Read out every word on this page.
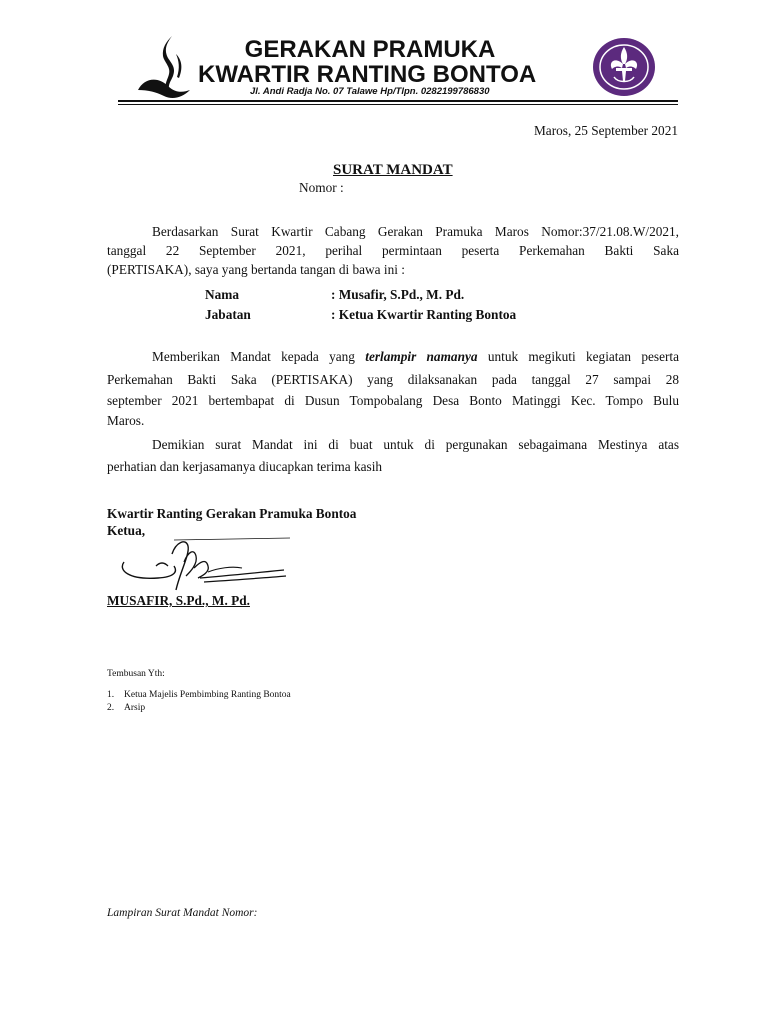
GERAKAN PRAMUKA
KWARTIR RANTING BONTOA
Jl. Andi Radja No. 07 Talawe Hp/Tlpn. 0282199786830
Maros, 25 September 2021
SURAT MANDAT
Nomor :
Berdasarkan Surat Kwartir Cabang Gerakan Pramuka Maros Nomor:37/21.08.W/2021,
tanggal 22 September 2021, perihal permintaan peserta Perkemahan Bakti Saka
(PERTISAKA), saya yang bertanda tangan di bawa ini :
Nama	: Musafir, S.Pd., M. Pd.
Jabatan	: Ketua Kwartir Ranting Bontoa
Memberikan Mandat kepada yang terlampir namanya untuk megikuti kegiatan peserta
Perkemahan Bakti Saka (PERTISAKA) yang dilaksanakan pada tanggal 27 sampai 28
september 2021 bertembapat di Dusun Tompobalang Desa Bonto Matinggi Kec. Tompo Bulu
Maros.
Demikian surat Mandat ini di buat untuk di pergunakan sebagaimana Mestinya atas
perhatian dan kerjasamanya diucapkan terima kasih
Kwartir Ranting Gerakan Pramuka Bontoa
Ketua,
MUSAFIR, S.Pd., M. Pd.
Tembusan Yth:
1. Ketua Majelis Pembimbing Ranting Bontoa
2. Arsip
Lampiran Surat Mandat Nomor:
